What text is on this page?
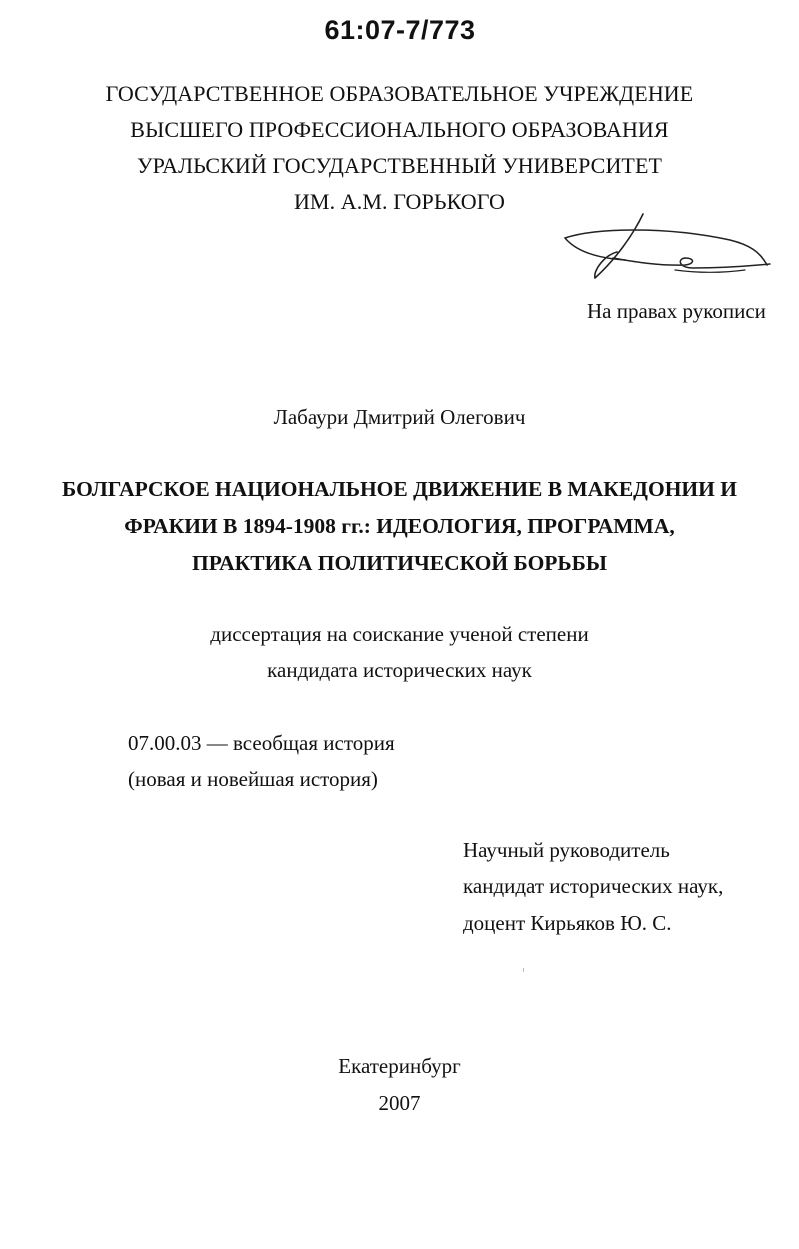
61:07-7/773
ГОСУДАРСТВЕННОЕ ОБРАЗОВАТЕЛЬНОЕ УЧРЕЖДЕНИЕ
ВЫСШЕГО ПРОФЕССИОНАЛЬНОГО ОБРАЗОВАНИЯ
УРАЛЬСКИЙ ГОСУДАРСТВЕННЫЙ УНИВЕРСИТЕТ
ИМ. А.М. ГОРЬКОГО
На правах рукописи
Лабаури Дмитрий Олегович
БОЛГАРСКОЕ НАЦИОНАЛЬНОЕ ДВИЖЕНИЕ В МАКЕДОНИИ И
ФРАКИИ В 1894-1908 гг.: ИДЕОЛОГИЯ, ПРОГРАММА,
ПРАКТИКА ПОЛИТИЧЕСКОЙ БОРЬБЫ
диссертация на соискание ученой степени
кандидата исторических наук
07.00.03 — всеобщая история
(новая и новейшая история)
Научный руководитель
кандидат исторических наук,
доцент Кирьяков Ю. С.
Екатеринбург
2007
